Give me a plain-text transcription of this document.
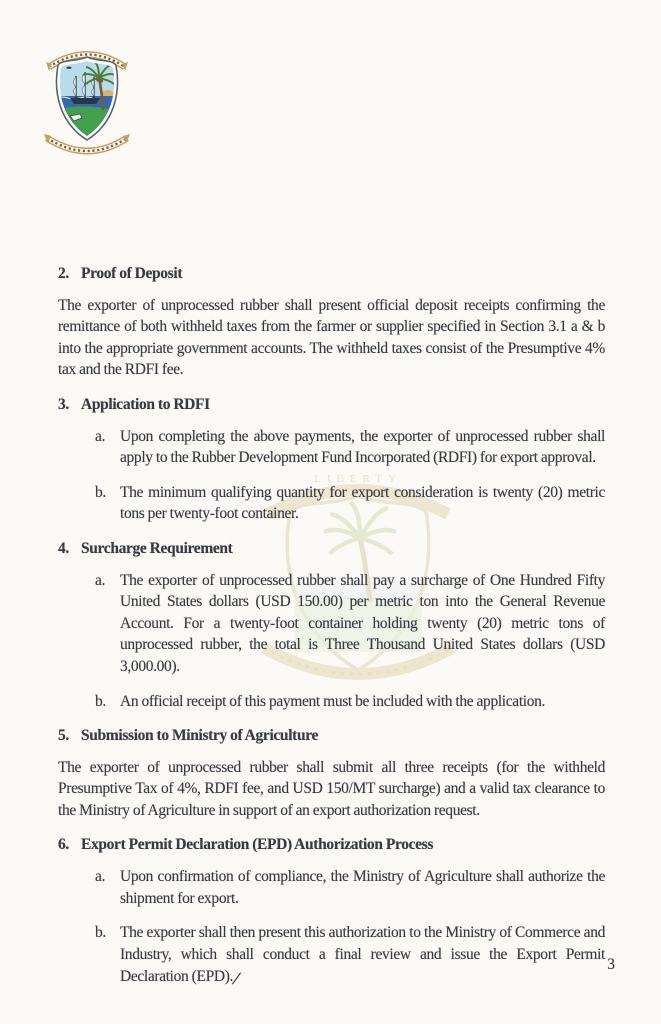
LIBERTY
2. Proof of Deposit

The exporter of unprocessed rubber shall present official deposit receipts confirming the remittance of both withheld taxes from the farmer or supplier specified in Section 3.1 a & b into the appropriate government accounts. The withheld taxes consist of the Presumptive 4% tax and the RDFI fee.

3. Application to RDFI
a. Upon completing the above payments, the exporter of unprocessed rubber shall apply to the Rubber Development Fund Incorporated (RDFI) for export approval.
b. The minimum qualifying quantity for export consideration is twenty (20) metric tons per twenty-foot container.
4. Surcharge Requirement
a. The exporter of unprocessed rubber shall pay a surcharge of One Hundred Fifty United States dollars (USD 150.00) per metric ton into the General Revenue Account. For a twenty-foot container holding twenty (20) metric tons of unprocessed rubber, the total is Three Thousand United States dollars (USD 3,000.00).
b. An official receipt of this payment must be included with the application.
5. Submission to Ministry of Agriculture

The exporter of unprocessed rubber shall submit all three receipts (for the withheld Presumptive Tax of 4%, RDFI fee, and USD 150/MT surcharge) and a valid tax clearance to the Ministry of Agriculture in support of an export authorization request.

6. Export Permit Declaration (EPD) Authorization Process
a. Upon confirmation of compliance, the Ministry of Agriculture shall authorize the shipment for export.
b. The exporter shall then present this authorization to the Ministry of Commerce and Industry, which shall conduct a final review and issue the Export Permit Declaration (EPD)./
3
